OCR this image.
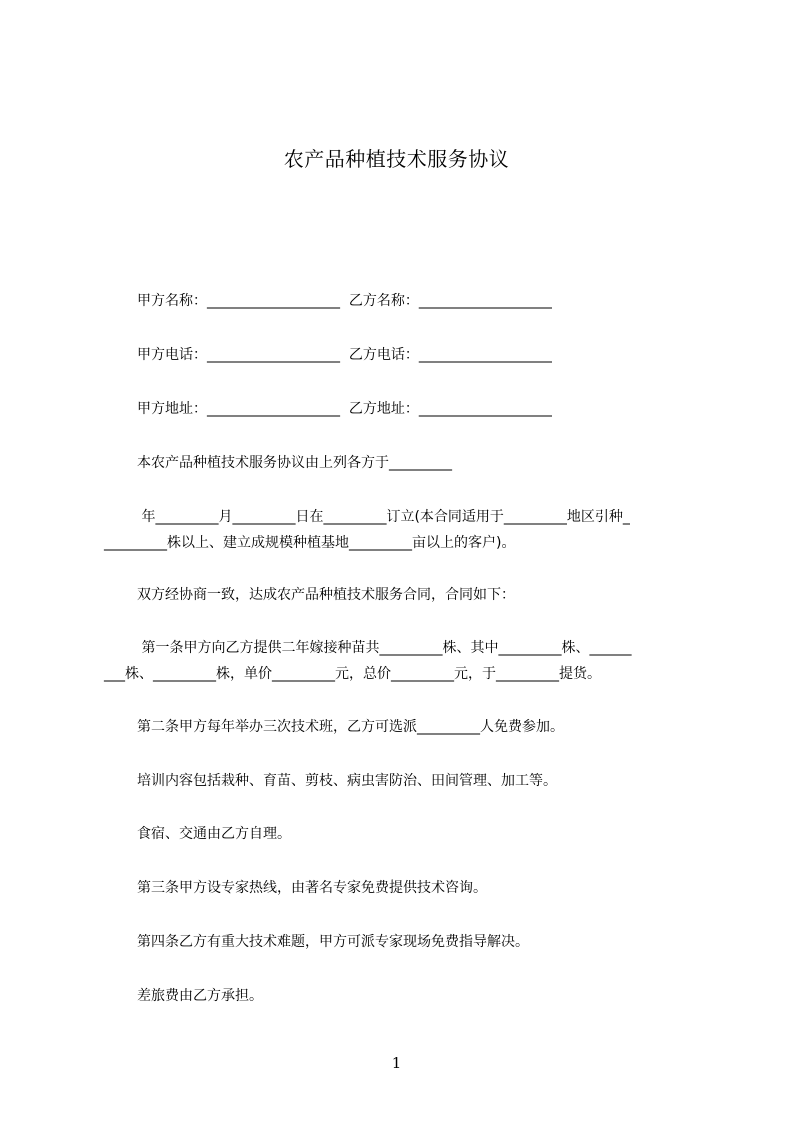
农产品种植技术服务协议
甲方名称：___________________  乙方名称：___________________
甲方电话：___________________  乙方电话：___________________
甲方地址：___________________  乙方地址：___________________
本农产品种植技术服务协议由上列各方于_________
年_________月_________日在_________订立(本合同适用于_________地区引种_
_________株以上、建立成规模种植基地_________亩以上的客户)。
双方经协商一致，达成农产品种植技术服务合同，合同如下：
第一条甲方向乙方提供二年嫁接种苗共_________株、其中_________株、______
___株、_________株，单价_________元，总价_________元，于_________提货。
第二条甲方每年举办三次技术班，乙方可选派_________人免费参加。
培训内容包括栽种、育苗、剪枝、病虫害防治、田间管理、加工等。
食宿、交通由乙方自理。
第三条甲方设专家热线，由著名专家免费提供技术咨询。
第四条乙方有重大技术难题，甲方可派专家现场免费指导解决。
差旅费由乙方承担。
1
